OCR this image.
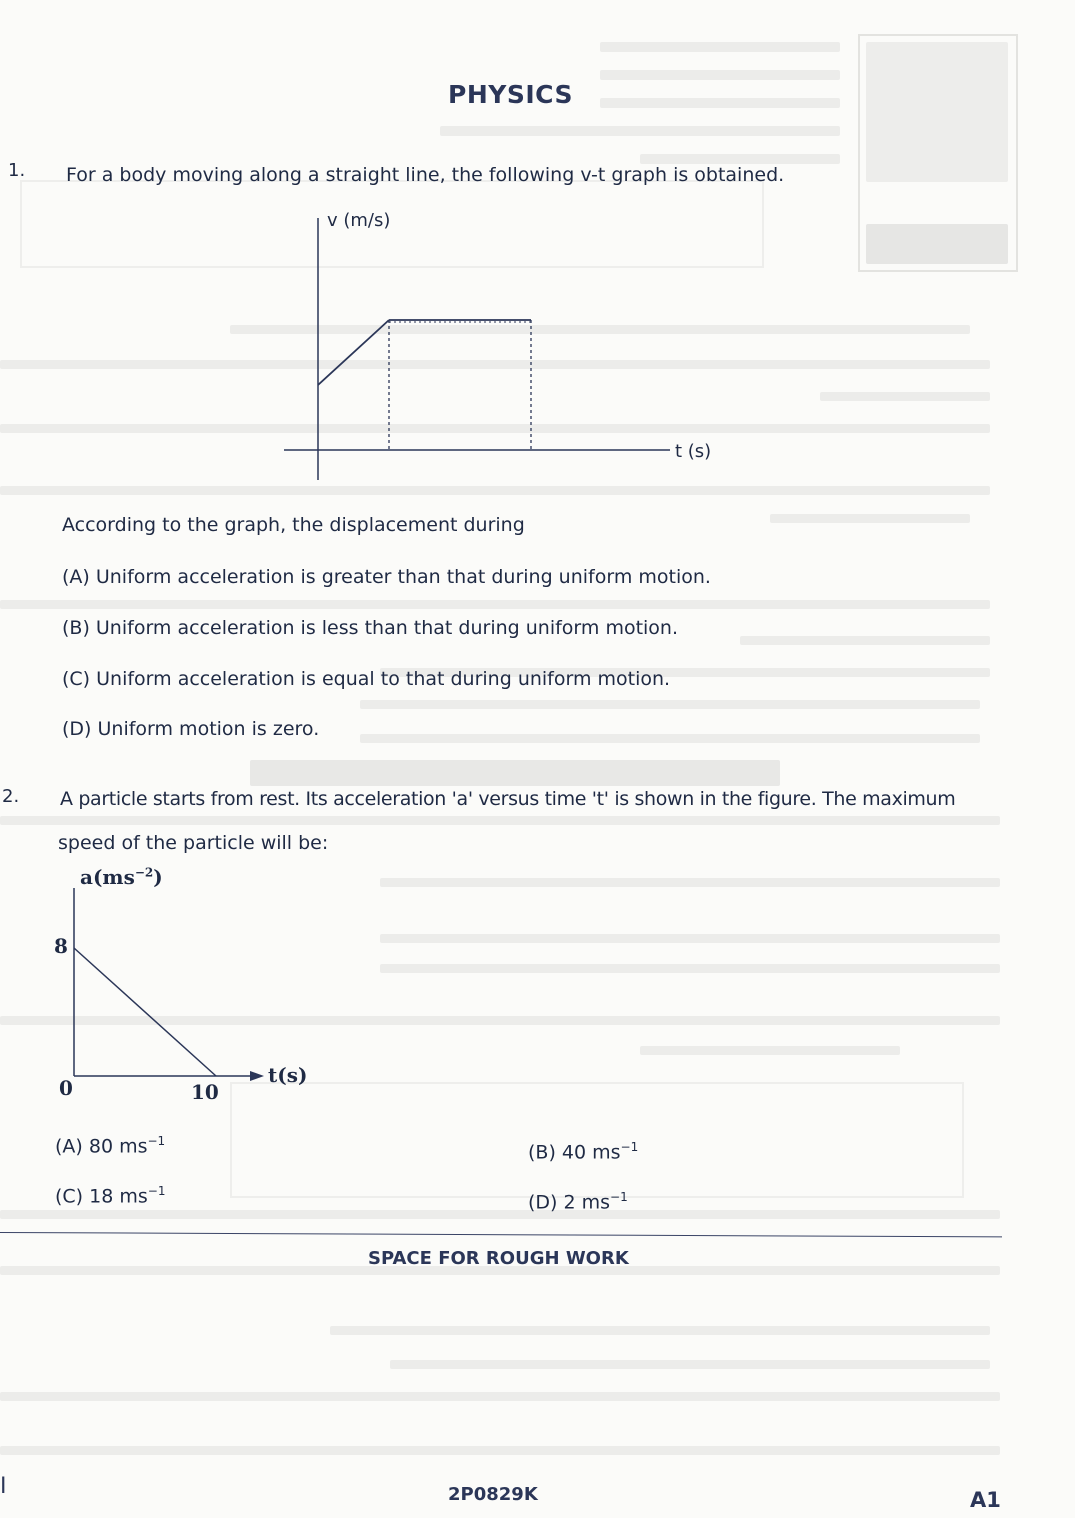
PHYSICS
1. For a body moving along a straight line, the following v-t graph is obtained.
v (m/s)
t (s)
According to the graph, the displacement during
(A) Uniform acceleration is greater than that during uniform motion.
(B) Uniform acceleration is less than that during uniform motion.
(C) Uniform acceleration is equal to that during uniform motion.
(D) Uniform motion is zero.
2. A particle starts from rest. Its acceleration 'a' versus time 't' is shown in the figure. The maximum
speed of the particle will be:
$a(ms^{-2})$
t(s)
8
0	10
(A) 80 $ms^{-1}$
(B) 40 $ms^{-1}$
(C) 18 $ms^{-1}$
(D) 2 $ms^{-1}$
SPACE FOR ROUGH WORK
I	2P0829K	A1
